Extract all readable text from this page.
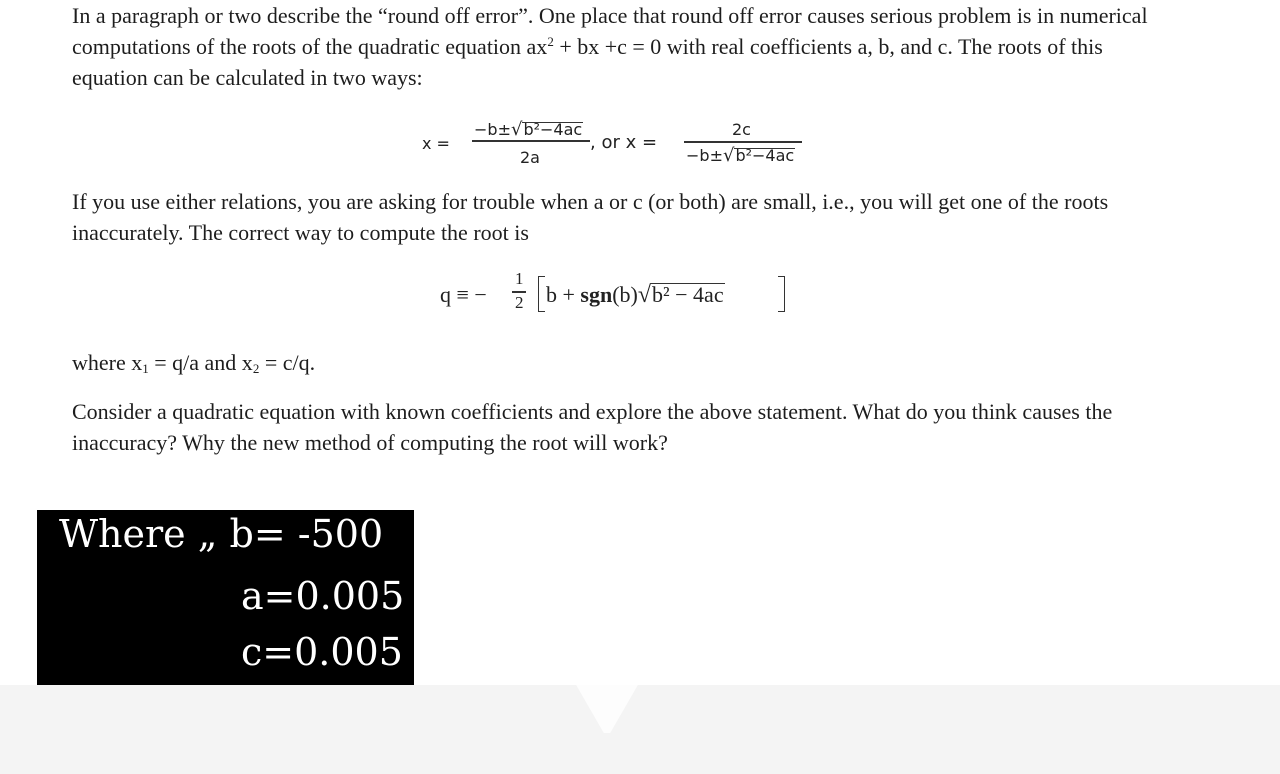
In a paragraph or two describe the “round off error”. One place that round off error causes serious problem is in numerical computations of the roots of the quadratic equation $ax^2$ + bx +c = 0 with real coefficients a, b, and c. The roots of this equation can be calculated in two ways:

x =
−b±√b²−4ac
2a
, or x =
2c
−b±√b²−4ac

If you use either relations, you are asking for trouble when a or c (or both) are small, i.e., you will get one of the roots inaccurately. The correct way to compute the root is

q ≡ −
1
2 b + sgn(b)√b² − 4ac

where $x_1 = q/a$ and $x_2 = c/q$.

Consider a quadratic equation with known coefficients and explore the above statement. What do you think causes the inaccuracy? Why the new method of computing the root will work?

Where „ b= -500
a=0.005
c=0.005
